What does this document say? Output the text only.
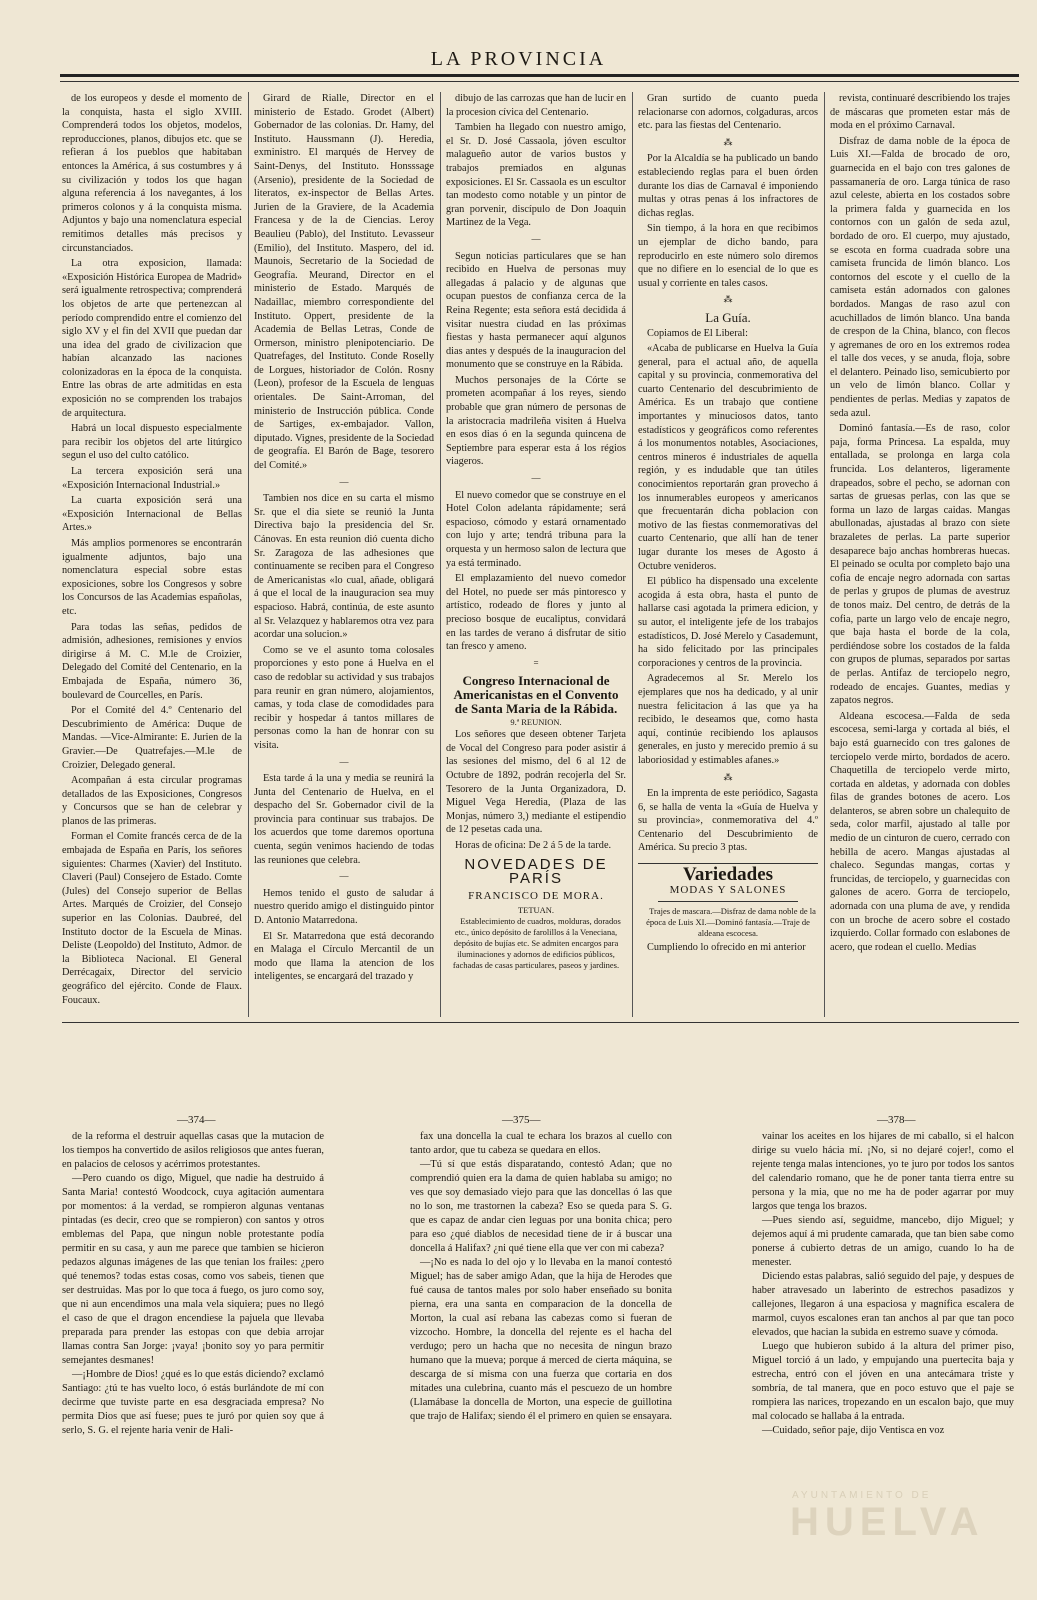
LA PROVINCIA

de los europeos y desde el momento de la conquista, hasta el siglo XVIII. Comprenderá todos los objetos, modelos, reproducciones, planos, dibujos etc. que se refieran á los pueblos que habitaban entonces la América, á sus costumbres y á su civilización y todos los que hagan alguna referencia á los navegantes, á los primeros colonos y á la conquista misma. Adjuntos y bajo una nomenclatura especial remitimos detalles más precisos y circunstanciados.

La otra exposicion, llamada: «Exposición Histórica Europea de Madrid» será igualmente retrospectiva; comprenderá los objetos de arte que pertenezcan al período comprendido entre el comienzo del siglo XV y el fin del XVII que puedan dar una idea del grado de civilizacion que habían alcanzado las naciones colonizadoras en la época de la conquista. Entre las obras de arte admitidas en esta exposición no se comprenden los trabajos de arquitectura.

Habrá un local dispuesto especialmente para recibir los objetos del arte litúrgico segun el uso del culto católico.

La tercera exposición será una «Exposición Internacional Industrial.»

La cuarta exposición será una «Exposición Internacional de Bellas Artes.»

Más amplios pormenores se encontrarán igualmente adjuntos, bajo una nomenclatura especial sobre estas exposiciones, sobre los Congresos y sobre los Concursos de las Academias españolas, etc.

Para todas las señas, pedidos de admisión, adhesiones, remisiones y envíos dirigirse á M. C. M.le de Croizier, Delegado del Comité del Centenario, en la Embajada de España, número 36, boulevard de Courcelles, en París.

Por el Comité del 4.º Centenario del Descubrimiento de América: Duque de Mandas. —Vice-Almirante: E. Jurien de la Gravier.—De Quatrefajes.—M.le de Croizier, Delegado general.

Acompañan á esta circular programas detallados de las Exposiciones, Congresos y Concursos que se han de celebrar y planos de las primeras.

Forman el Comite francés cerca de de la embajada de España en París, los señores siguientes: Charmes (Xavier) del Instituto. Claveri (Paul) Consejero de Estado. Comte (Jules) del Consejo superior de Bellas Artes. Marqués de Croizier, del Consejo superior en las Colonias. Daubreé, del Instituto doctor de la Escuela de Minas. Deliste (Leopoldo) del Instituto, Admor. de la Biblioteca Nacional. El General Derrécagaix, Director del servicio geográfico del ejército. Conde de Flaux. Foucaux.

Girard de Rialle, Director en el ministerio de Estado. Grodet (Albert) Gobernador de las colonias. Dr. Hamy, del Instituto. Haussmann (J). Heredia, exministro. El marqués de Hervey de Saint-Denys, del Instituto. Honsssage (Arsenio), presidente de la Sociedad de literatos, ex-inspector de Bellas Artes. Jurien de la Graviere, de la Academia Francesa y de la de Ciencias. Leroy Beaulieu (Pablo), del Instituto. Levasseur (Emilio), del Instituto. Maspero, del id. Maunois, Secretario de la Sociedad de Geografía. Meurand, Director en el ministerio de Estado. Marqués de Nadaillac, miembro correspondiente del Instituto. Oppert, presidente de la Academia de Bellas Letras, Conde de Ormerson, ministro plenipotenciario. De Quatrefages, del Instituto. Conde Roselly de Lorgues, historiador de Colón. Rosny (Leon), profesor de la Escuela de lenguas orientales. De Saint-Arroman, del ministerio de Instrucción pública. Conde de Sartiges, ex-embajador. Vallon, diputado. Vignes, presidente de la Sociedad de geografía. El Barón de Bage, tesorero del Comité.»

—

Tambien nos dice en su carta el mismo Sr. que el dia siete se reunió la Junta Directiva bajo la presidencia del Sr. Cánovas. En esta reunion dió cuenta dicho Sr. Zaragoza de las adhesiones que continuamente se reciben para el Congreso de Americanistas «lo cual, añade, obligará á que el local de la inauguracion sea muy espacioso. Habrá, continúa, de este asunto al Sr. Velazquez y hablaremos otra vez para acordar una solucion.»

Como se ve el asunto toma colosales proporciones y esto pone á Huelva en el caso de redoblar su actividad y sus trabajos para reunir en gran número, alojamientos, camas, y toda clase de comodidades para recibir y hospedar á tantos millares de personas como la han de honrar con su visita.

—

Esta tarde á la una y media se reunirá la Junta del Centenario de Huelva, en el despacho del Sr. Gobernador civil de la provincia para continuar sus trabajos. De los acuerdos que tome daremos oportuna cuenta, según venimos haciendo de todas las reuniones que celebra.

—

Hemos tenido el gusto de saludar á nuestro querido amigo el distinguido pintor D. Antonio Matarredona.

El Sr. Matarredona que está decorando en Malaga el Círculo Mercantil de un modo que llama la atencion de los inteligentes, se encargará del trazado y

dibujo de las carrozas que han de lucir en la procesion cívica del Centenario.

Tambien ha llegado con nuestro amigo, el Sr. D. José Cassaola, jóven escultor malagueño autor de varios bustos y trabajos premiados en algunas exposiciones. El Sr. Cassaola es un escultor tan modesto como notable y un pintor de gran porvenir, discípulo de Don Joaquin Martinez de la Vega.

—

Segun noticias particulares que se han recibido en Huelva de personas muy allegadas á palacio y de algunas que ocupan puestos de confianza cerca de la Reina Regente; esta señora está decidida á visitar nuestra ciudad en las próximas fiestas y hasta permanecer aquí algunos dias antes y después de la inauguracion del monumento que se construye en la Rábida.

Muchos personajes de la Córte se prometen acompañar á los reyes, siendo probable que gran número de personas de la aristocracia madrileña visiten á Huelva en esos dias ó en la segunda quincena de Septiembre para esperar esta á los régios viageros.

—

El nuevo comedor que se construye en el Hotel Colon adelanta rápidamente; será espacioso, cómodo y estará ornamentado con lujo y arte; tendrá tribuna para la orquesta y un hermoso salon de lectura que ya está terminado.

El emplazamiento del nuevo comedor del Hotel, no puede ser más pintoresco y artístico, rodeado de flores y junto al precioso bosque de eucaliptus, convidará en las tardes de verano á disfrutar de sitio tan fresco y ameno.

=
Congreso Internacional de Americanistas en el Convento de Santa Maria de la Rábida.
9.ª REUNION.

Los señores que deseen obtener Tarjeta de Vocal del Congreso para poder asistir á las sesiones del mismo, del 6 al 12 de Octubre de 1892, podrán recojerla del Sr. Tesorero de la Junta Organizadora, D. Miguel Vega Heredia, (Plaza de las Monjas, número 3,) mediante el estipendio de 12 pesetas cada una.

Horas de oficina: De 2 á 5 de la tarde.

NOVEDADES DE PARÍS
FRANCISCO DE MORA.
TETUAN.

Establecimiento de cuadros, molduras, dorados etc., único depósito de farolillos á la Veneciana, depósito de bujías etc. Se admiten encargos para iluminaciones y adornos de edificios públicos, fachadas de casas particulares, paseos y jardines.

Gran surtido de cuanto pueda relacionarse con adornos, colgaduras, arcos etc. para las fiestas del Centenario.

⁂

Por la Alcaldía se ha publicado un bando estableciendo reglas para el buen órden durante los dias de Carnaval é imponiendo multas y otras penas á los infractores de dichas reglas.

Sin tiempo, á la hora en que recibimos un ejemplar de dicho bando, para reproducirlo en este número solo diremos que no difiere en lo esencial de lo que es usual y corriente en tales casos.

⁂
La Guía.

Copiamos de El Liberal:

«Acaba de publicarse en Huelva la Guía general, para el actual año, de aquella capital y su provincia, conmemorativa del cuarto Centenario del descubrimiento de América. Es un trabajo que contiene importantes y minuciosos datos, tanto estadísticos y geográficos como referentes á los monumentos notables, Asociaciones, centros mineros é industriales de aquella región, y es indudable que tan útiles conocimientos reportarán gran provecho á los innumerables europeos y americanos que frecuentarán dicha poblacion con motivo de las fiestas conmemorativas del cuarto Centenario, que allí han de tener lugar durante los meses de Agosto á Octubre venideros.

El público ha dispensado una excelente acogida á esta obra, hasta el punto de hallarse casi agotada la primera edicion, y su autor, el inteligente jefe de los trabajos estadísticos, D. José Merelo y Casademunt, ha sido felicitado por las principales corporaciones y centros de la provincia.

Agradecemos al Sr. Merelo los ejemplares que nos ha dedicado, y al unir nuestra felicitacion á las que ya ha recibido, le deseamos que, como hasta aquí, continúe recibiendo los aplausos generales, en justo y merecido premio á su laboriosidad y estimables afanes.»

⁂

En la imprenta de este periódico, Sagasta 6, se halla de venta la «Guía de Huelva y su provincia», conmemorativa del 4.º Centenario del Descubrimiento de América. Su precio 3 ptas.

Variedades
MODAS Y SALONES

Trajes de mascara.—Disfraz de dama noble de la época de Luis XI.—Dominó fantasía.—Traje de aldeana escocesa.

Cumpliendo lo ofrecido en mi anterior

revista, continuaré describiendo los trajes de máscaras que prometen estar más de moda en el próximo Carnaval.

Disfraz de dama noble de la época de Luis XI.—Falda de brocado de oro, guarnecida en el bajo con tres galones de passamanería de oro. Larga túnica de raso azul celeste, abierta en los costados sobre la primera falda y guarnecida en los contornos con un galón de seda azul, bordado de oro. El cuerpo, muy ajustado, se escota en forma cuadrada sobre una camiseta fruncida de limón blanco. Los contornos del escote y el cuello de la camiseta están adornados con galones bordados. Mangas de raso azul con acuchillados de limón blanco. Una banda de crespon de la China, blanco, con flecos y agremanes de oro en los extremos rodea el talle dos veces, y se anuda, floja, sobre el delantero. Peinado liso, semicubierto por un velo de limón blanco. Collar y pendientes de perlas. Medias y zapatos de seda azul.

Dominó fantasía.—Es de raso, color paja, forma Princesa. La espalda, muy entallada, se prolonga en larga cola fruncida. Los delanteros, ligeramente drapeados, sobre el pecho, se adornan con sartas de gruesas perlas, con las que se forma un lazo de largas caidas. Mangas abullonadas, ajustadas al brazo con siete brazaletes de perlas. La parte superior desaparece bajo anchas hombreras huecas. El peinado se oculta por completo bajo una cofia de encaje negro adornada con sartas de perlas y grupos de plumas de avestruz de tonos maiz. Del centro, de detrás de la cofia, parte un largo velo de encaje negro, que baja hasta el borde de la cola, perdiéndose sobre los costados de la falda con grupos de plumas, separados por sartas de perlas. Antifaz de terciopelo negro, rodeado de encajes. Guantes, medias y zapatos negros.

Aldeana escocesa.—Falda de seda escocesa, semi-larga y cortada al biés, el bajo está guarnecido con tres galones de terciopelo verde mirto, bordados de acero. Chaquetilla de terciopelo verde mirto, cortada en aldetas, y adornada con dobles filas de grandes botones de acero. Los delanteros, se abren sobre un chalequito de seda, color marfil, ajustado al talle por medio de un cinturon de cuero, cerrado con hebilla de acero. Mangas ajustadas al chaleco. Segundas mangas, cortas y fruncidas, de terciopelo, y guarnecidas con galones de acero. Gorra de terciopelo, adornada con una pluma de ave, y rendida con un broche de acero sobre el costado izquierdo. Collar formado con eslabones de acero, que rodean el cuello. Medias

—374—	—375—	—378—

de la reforma el destruir aquellas casas que la mutacion de los tiempos ha convertido de asilos religiosos que antes fueran, en palacios de celosos y acérrimos protestantes.

—Pero cuando os digo, Miguel, que nadie ha destruido á Santa Maria! contestó Woodcock, cuya agitación aumentara por momentos: á la verdad, se rompieron algunas ventanas pintadas (es decir, creo que se rompieron) con santos y otros emblemas del Papa, que ningun noble protestante podía permitir en su casa, y aun me parece que tambien se hicieron pedazos algunas imágenes de las que tenian los frailes: ¿pero qué tenemos? todas estas cosas, como vos sabeis, tienen que ser destruidas. Mas por lo que toca á fuego, os juro como soy, que ni aun encendimos una mala vela siquiera; pues no llegó el caso de que el dragon encendiese la pajuela que llevaba preparada para prender las estopas con que debia arrojar llamas contra San Jorge: ¡vaya! ¡bonito soy yo para permitir semejantes desmanes!

—¡Hombre de Dios! ¿qué es lo que estás diciendo? exclamó Santiago: ¿tú te has vuelto loco, ó estás burlándote de mí con decirme que tuviste parte en esa desgraciada empresa? No permita Dios que así fuese; pues te juró por quien soy que á serlo, S. G. el rejente haria venir de Hali-

fax una doncella la cual te echara los brazos al cuello con tanto ardor, que tu cabeza se quedara en ellos.

—Tú sí que estás disparatando, contestó Adan; que no comprendió quien era la dama de quien hablaba su amigo; no ves que soy demasiado viejo para que las doncellas ó las que no lo son, me trastornen la cabeza? Eso se queda para S. G. que es capaz de andar cien leguas por una bonita chica; pero para eso ¿qué diablos de necesidad tiene de ir á buscar una doncella á Halifax? ¿ni qué tiene ella que ver con mi cabeza?

—¡No es nada lo del ojo y lo llevaba en la manoí contestó Miguel; has de saber amigo Adan, que la hija de Herodes que fué causa de tantos males por solo haber enseñado su bonita pierna, era una santa en comparacion de la doncella de Morton, la cual así rebana las cabezas como si fueran de vizcocho. Hombre, la doncella del rejente es el hacha del verdugo; pero un hacha que no necesita de ningun brazo humano que la mueva; porque á merced de cierta máquina, se descarga de sí misma con una fuerza que cortaria en dos mitades una culebrina, cuanto más el pescuezo de un hombre (Llamábase la doncella de Morton, una especie de guillotina que trajo de Halifax; siendo él el primero en quien se ensayara.

vainar los aceites en los hijares de mi caballo, si el halcon dirige su vuelo hácia mí. ¡No, si no dejaré cojer!, como el rejente tenga malas intenciones, yo te juro por todos los santos del calendario romano, que he de poner tanta tierra entre su persona y la mia, que no me ha de poder agarrar por muy largos que tenga los brazos.

—Pues siendo así, seguidme, mancebo, dijo Miguel; y dejemos aquí á mi prudente camarada, que tan bien sabe como ponerse á cubierto detras de un amigo, cuando lo ha de menester.

Diciendo estas palabras, salió seguido del paje, y despues de haber atravesado un laberinto de estrechos pasadizos y callejones, llegaron á una espaciosa y magnífica escalera de marmol, cuyos escalones eran tan anchos al par que tan poco elevados, que hacian la subida en estremo suave y cómoda.

Luego que hubieron subido á la altura del primer piso, Miguel torció á un lado, y empujando una puertecita baja y estrecha, entró con el jóven en una antecámara triste y sombría, de tal manera, que en poco estuvo que el paje se rompiera las narices, tropezando en un escalon bajo, que muy mal colocado se hallaba á la entrada.

—Cuidado, señor paje, dijo Ventisca en voz

AYUNTAMIENTO DE
HUELVA
